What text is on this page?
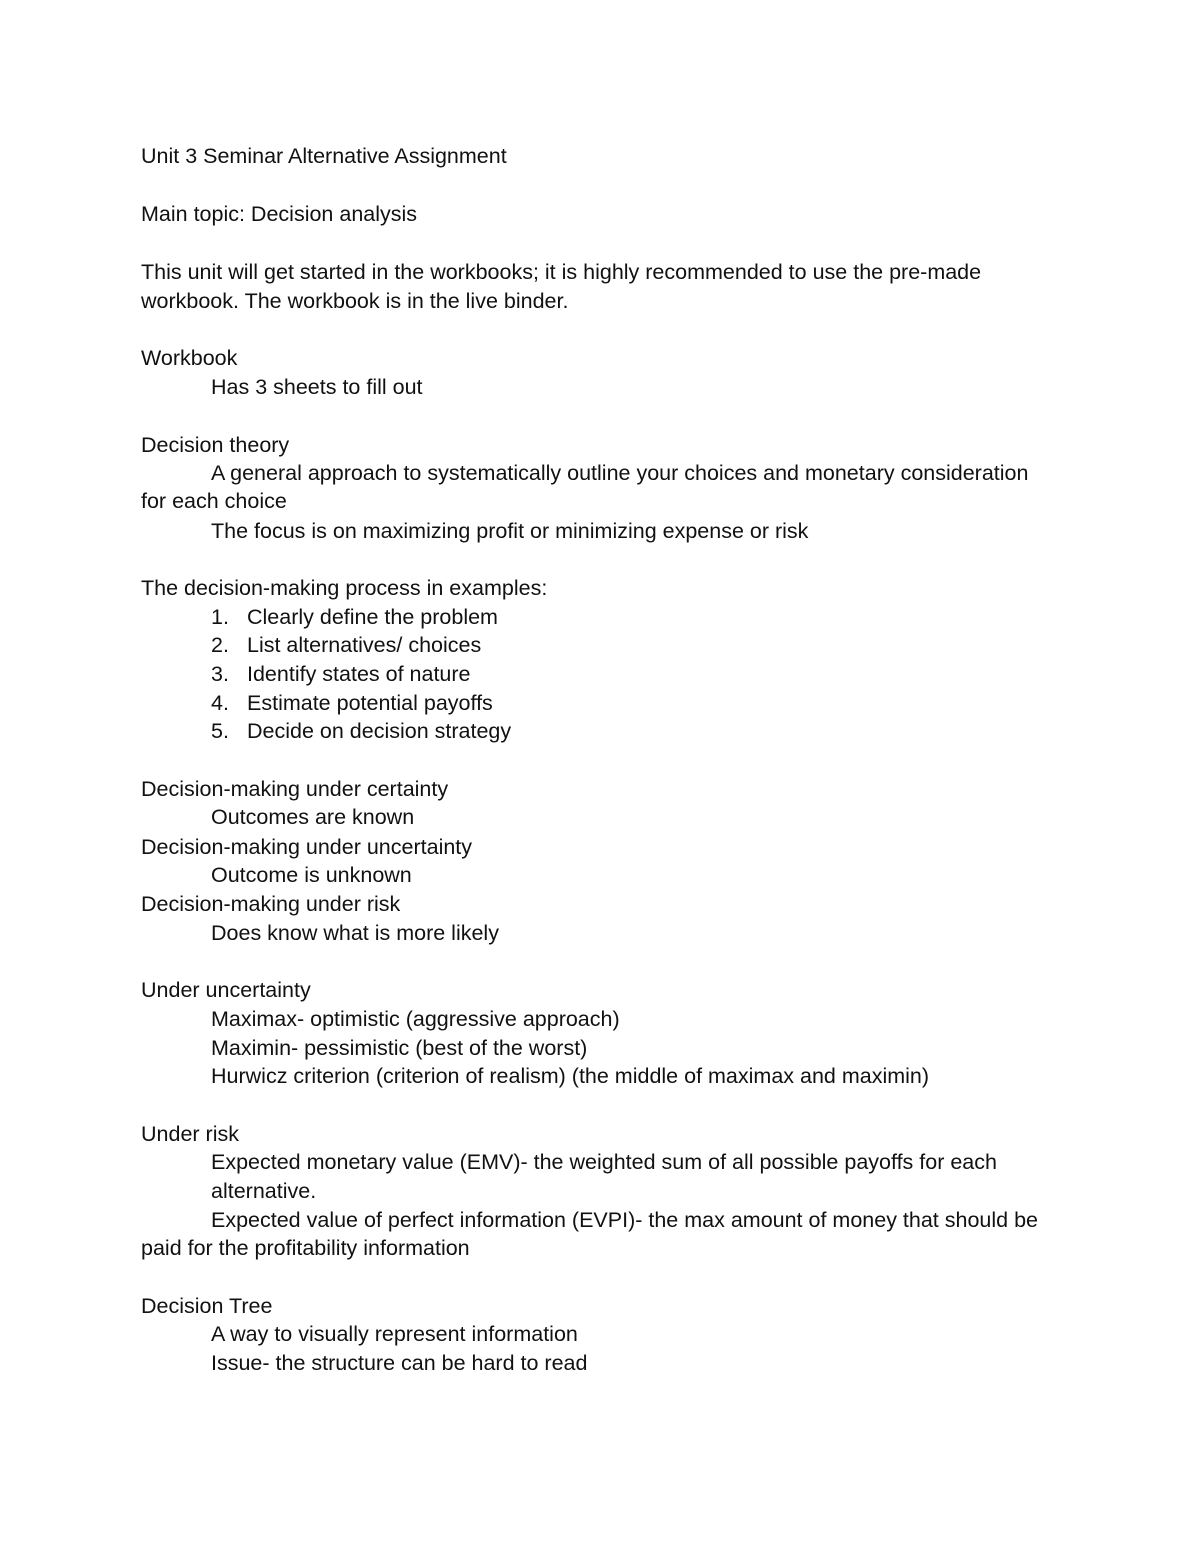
Unit 3 Seminar Alternative Assignment
Main topic: Decision analysis
This unit will get started in the workbooks; it is highly recommended to use the pre-made
workbook. The workbook is in the live binder.
Workbook
Has 3 sheets to fill out
Decision theory
A general approach to systematically outline your choices and monetary consideration
for each choice
The focus is on maximizing profit or minimizing expense or risk
The decision-making process in examples:
1. Clearly define the problem
2. List alternatives/ choices
3. Identify states of nature
4. Estimate potential payoffs
5. Decide on decision strategy
Decision-making under certainty
Outcomes are known
Decision-making under uncertainty
Outcome is unknown
Decision-making under risk
Does know what is more likely
Under uncertainty
Maximax- optimistic (aggressive approach)
Maximin- pessimistic (best of the worst)
Hurwicz criterion (criterion of realism) (the middle of maximax and maximin)
Under risk
Expected monetary value (EMV)- the weighted sum of all possible payoffs for each
alternative.
Expected value of perfect information (EVPI)- the max amount of money that should be
paid for the profitability information
Decision Tree
A way to visually represent information
Issue- the structure can be hard to read
